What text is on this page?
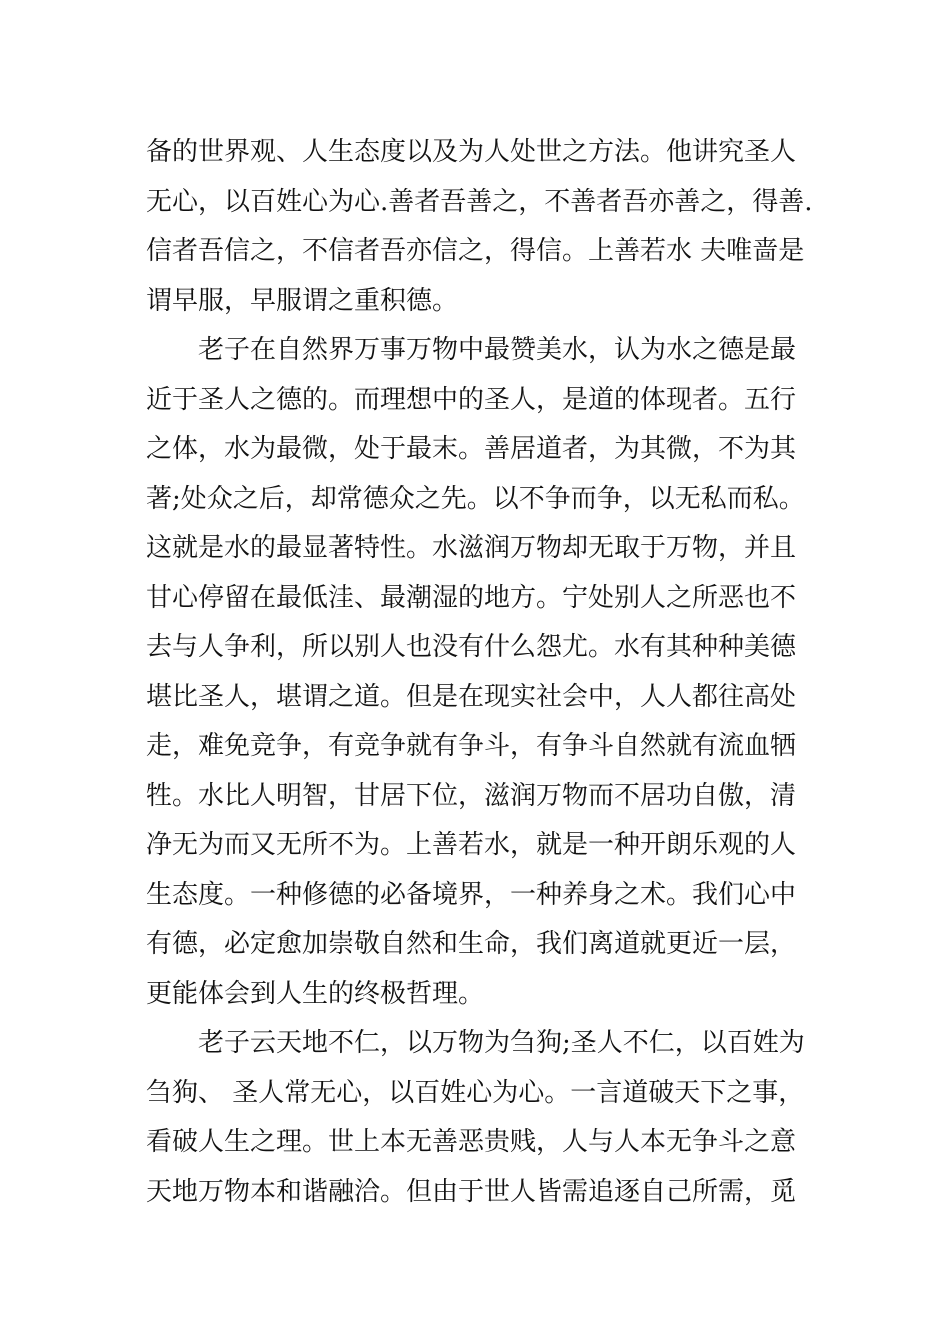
备的世界观、人生态度以及为人处世之方法。他讲究圣人
无心，以百姓心为心.善者吾善之，不善者吾亦善之，得善.
信者吾信之，不信者吾亦信之，得信。上善若水 夫唯啬是
谓早服，早服谓之重积德。
老子在自然界万事万物中最赞美水，认为水之德是最
近于圣人之德的。而理想中的圣人，是道的体现者。五行
之体，水为最微，处于最末。善居道者，为其微，不为其
著;处众之后，却常德众之先。以不争而争，以无私而私。
这就是水的最显著特性。水滋润万物却无取于万物，并且
甘心停留在最低洼、最潮湿的地方。宁处别人之所恶也不
去与人争利，所以别人也没有什么怨尤。水有其种种美德
堪比圣人，堪谓之道。但是在现实社会中，人人都往高处
走，难免竞争，有竞争就有争斗，有争斗自然就有流血牺
牲。水比人明智，甘居下位，滋润万物而不居功自傲，清
净无为而又无所不为。上善若水，就是一种开朗乐观的人
生态度。一种修德的必备境界，一种养身之术。我们心中
有德，必定愈加崇敬自然和生命，我们离道就更近一层，
更能体会到人生的终极哲理。
老子云天地不仁，以万物为刍狗;圣人不仁，以百姓为
刍狗、 圣人常无心，以百姓心为心。一言道破天下之事，
看破人生之理。世上本无善恶贵贱，人与人本无争斗之意
天地万物本和谐融洽。但由于世人皆需追逐自己所需，觅
